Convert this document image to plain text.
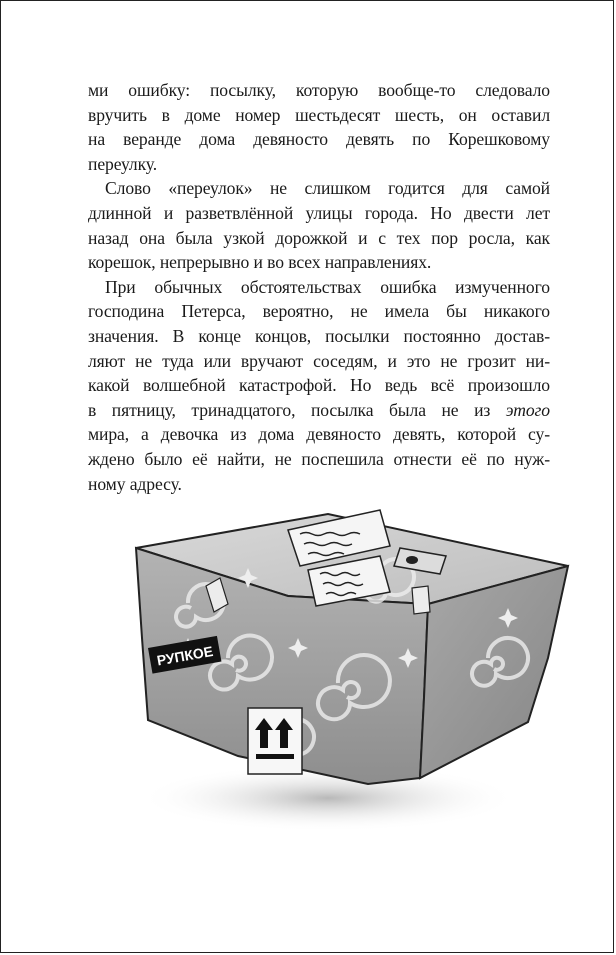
ми ошибку: посылку, которую вообще-то следовало
вручить в доме номер шестьдесят шесть, он оставил
на веранде дома девяносто девять по Корешковому
переулку.
Слово «переулок» не слишком годится для самой
длинной и разветвлённой улицы города. Но двести лет
назад она была узкой дорожкой и с тех пор росла, как
корешок, непрерывно и во всех направлениях.
При обычных обстоятельствах ошибка измученного
господина Петерса, вероятно, не имела бы никакого
значения. В конце концов, посылки постоянно достав-
ляют не туда или вручают соседям, и это не грозит ни-
какой волшебной катастрофой. Но ведь всё произошло
в пятницу, тринадцатого, посылка была не из этого
мира, а девочка из дома девяносто девять, которой су-
ждено было её найти, не поспешила отнести её по нуж-
ному адресу.
РУПКОЕ
